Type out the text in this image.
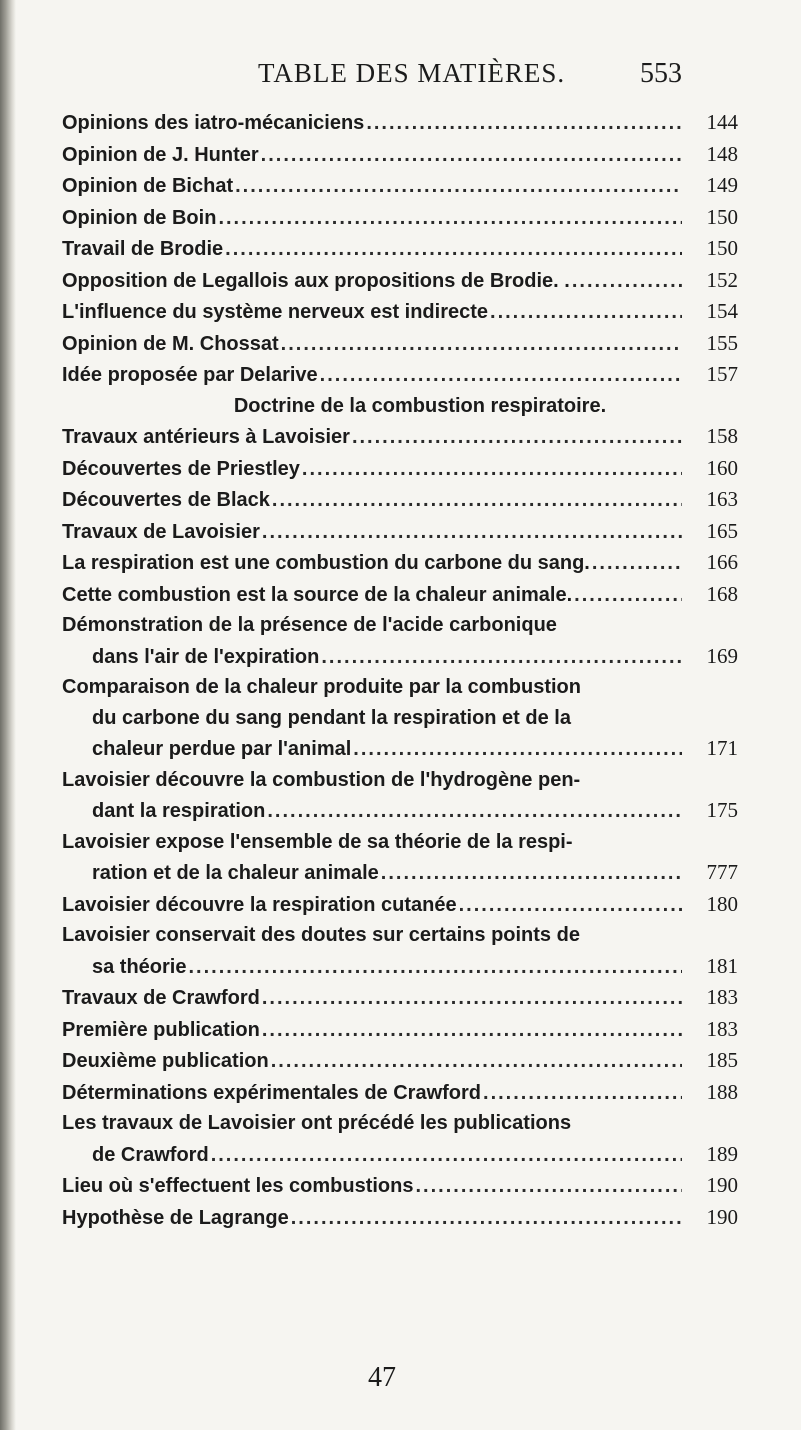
TABLE DES MATIÈRES.	553
Opinions des iatro-mécaniciens .....	144
Opinion de J. Hunter .....	148
Opinion de Bichat .....	149
Opinion de Boin .....	150
Travail de Brodie .....	150
Opposition de Legallois aux propositions de Brodie. . .....	152
L'influence du système nerveux est indirecte .....	154
Opinion de M. Chossat .....	155
Idée proposée par Delarive .....	157
Doctrine de la combustion respiratoire.
Travaux antérieurs à Lavoisier .....	158
Découvertes de Priestley .....	160
Découvertes de Black .....	163
Travaux de Lavoisier .....	165
La respiration est une combustion du carbone du sang. .....	166
Cette combustion est la source de la chaleur animale. .....	168
Démonstration de la présence de l'acide carbonique
dans l'air de l'expiration .....	169
Comparaison de la chaleur produite par la combustion
du carbone du sang pendant la respiration et de la
chaleur perdue par l'animal .....	171
Lavoisier découvre la combustion de l'hydrogène pen-
dant la respiration .....	175
Lavoisier expose l'ensemble de sa théorie de la respi-
ration et de la chaleur animale .....	777
Lavoisier découvre la respiration cutanée .....	180
Lavoisier conservait des doutes sur certains points de
sa théorie .....	181
Travaux de Crawford .....	183
Première publication .....	183
Deuxième publication .....	185
Déterminations expérimentales de Crawford .....	188
Les travaux de Lavoisier ont précédé les publications
de Crawford .....	189
Lieu où s'effectuent les combustions .....	190
Hypothèse de Lagrange .....	190
47
